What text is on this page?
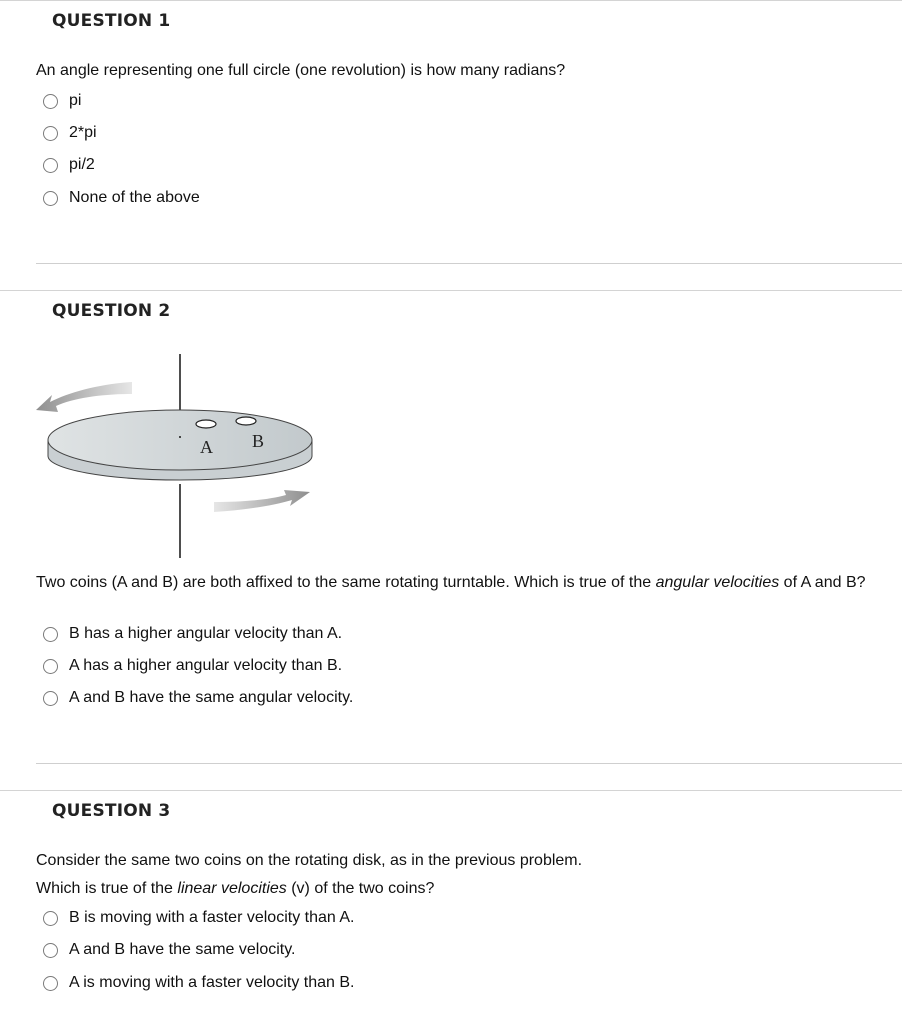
QUESTION 1
An angle representing one full circle (one revolution) is how many radians?
pi
2*pi
pi/2
None of the above
QUESTION 2
A B
Two coins (A and B) are both affixed to the same rotating turntable. Which is true of the angular velocities of A and B?
B has a higher angular velocity than A.
A has a higher angular velocity than B.
A and B have the same angular velocity.
QUESTION 3
Consider the same two coins on the rotating disk, as in the previous problem.
Which is true of the linear velocities (v) of the two coins?
B is moving with a faster velocity than A.
A and B have the same velocity.
A is moving with a faster velocity than B.
